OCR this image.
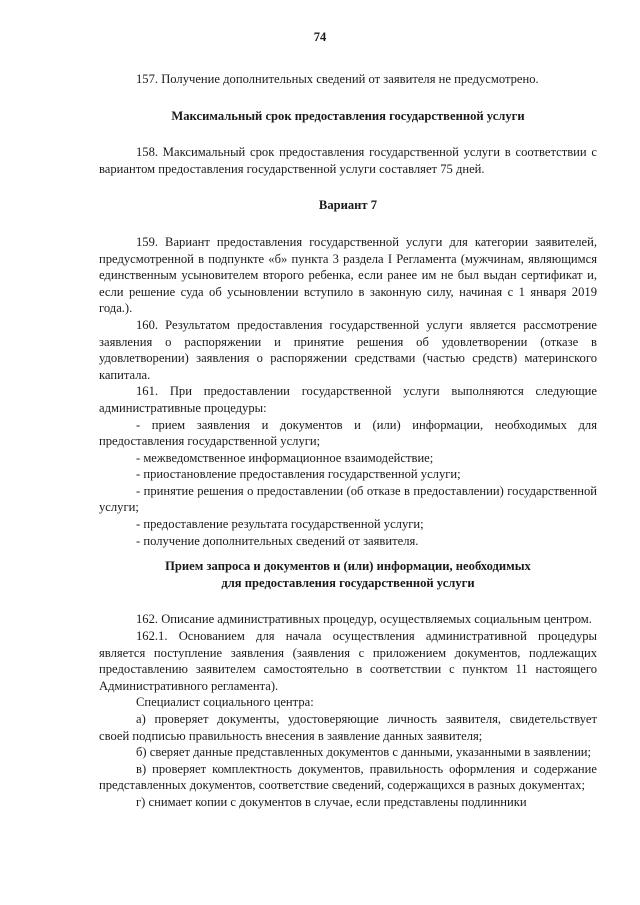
74

157. Получение дополнительных сведений от заявителя не предусмотрено.

Максимальный срок предоставления государственной услуги

158. Максимальный срок предоставления государственной услуги в соответствии с вариантом предоставления государственной услуги составляет 75 дней.

Вариант 7

159. Вариант предоставления государственной услуги для категории заявителей, предусмотренной в подпункте «б» пункта 3 раздела I Регламента (мужчинам, являющимся единственным усыновителем второго ребенка, если ранее им не был выдан сертификат и, если решение суда об усыновлении вступило в законную силу, начиная с 1 января 2019 года.).

160. Результатом предоставления государственной услуги является рассмотрение заявления о распоряжении и принятие решения об удовлетворении (отказе в удовлетворении) заявления о распоряжении средствами (частью средств) материнского капитала.

161. При предоставлении государственной услуги выполняются следующие административные процедуры:

- прием заявления и документов и (или) информации, необходимых для предоставления государственной услуги;

- межведомственное информационное взаимодействие;

- приостановление предоставления государственной услуги;

- принятие решения о предоставлении (об отказе в предоставлении) государственной услуги;

- предоставление результата государственной услуги;

- получение дополнительных сведений от заявителя.

Прием запроса и документов и (или) информации, необходимых

для предоставления государственной услуги

162. Описание административных процедур, осуществляемых социальным центром.

162.1. Основанием для начала осуществления административной процедуры является поступление заявления (заявления с приложением документов, подлежащих предоставлению заявителем самостоятельно в соответствии с пунктом 11 настоящего Административного регламента).

Специалист социального центра:

а) проверяет документы, удостоверяющие личность заявителя, свидетельствует своей подписью правильность внесения в заявление данных заявителя;

б) сверяет данные представленных документов с данными, указанными в заявлении;

в) проверяет комплектность документов, правильность оформления и содержание представленных документов, соответствие сведений, содержащихся в разных документах;

г) снимает копии с документов в случае, если представлены подлинники
